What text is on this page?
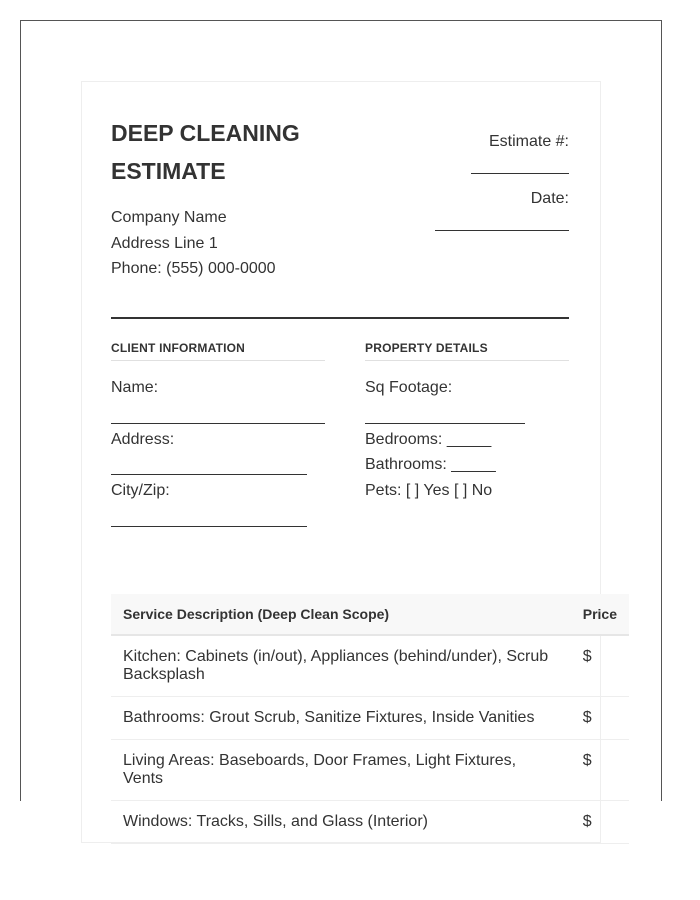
DEEP CLEANING ESTIMATE
Company Name
Address Line 1
Phone: (555) 000-0000
Estimate #:
Date:
CLIENT INFORMATION
Name:
Address:
City/Zip:
PROPERTY DETAILS
Sq Footage:
Bedrooms: _____
Bathrooms: _____
Pets: [ ] Yes [ ] No
Service Description (Deep Clean Scope)	Price
Kitchen: Cabinets (in/out), Appliances (behind/under), Scrub Backsplash	$
Bathrooms: Grout Scrub, Sanitize Fixtures, Inside Vanities	$
Living Areas: Baseboards, Door Frames, Light Fixtures, Vents	$
Windows: Tracks, Sills, and Glass (Interior)	$
